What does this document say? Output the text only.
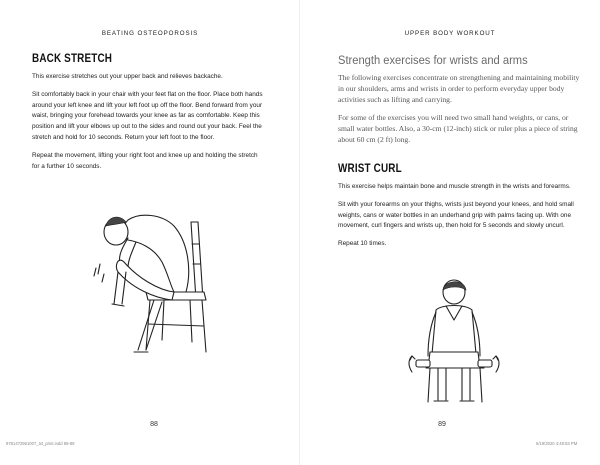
BEATING OSTEOPOROSIS
BACK STRETCH

This exercise stretches out your upper back and relieves backache.

Sit comfortably back in your chair with your feet flat on the floor. Place both hands around your left knee and lift your left foot up off the floor. Bend forward from your waist, bringing your forehead towards your knee as far as comfortable. Keep this position and lift your elbows up out to the sides and round out your back. Feel the stretch and hold for 10 seconds. Return your left foot to the floor.

Repeat the movement, lifting your right foot and knee up and holding the stretch for a further 10 seconds.

88
9781472961007_txt_print.indd 88-89
UPPER BODY WORKOUT
Strength exercises for wrists and arms

The following exercises concentrate on strengthening and maintaining mobility in our shoulders, arms and wrists in order to perform everyday upper body activities such as lifting and carrying.

For some of the exercises you will need two small hand weights, or cans, or small water bottles. Also, a 30-cm (12-inch) stick or ruler plus a piece of string about 60 cm (2 ft) long.

WRIST CURL

This exercise helps maintain bone and muscle strength in the wrists and forearms.

Sit with your forearms on your thighs, wrists just beyond your knees, and hold small weights, cans or water bottles in an underhand grip with palms facing up. With one movement, curl fingers and wrists up, then hold for 5 seconds and slowly uncurl.

Repeat 10 times.

89
5/19/2020 4:48:53 PM
